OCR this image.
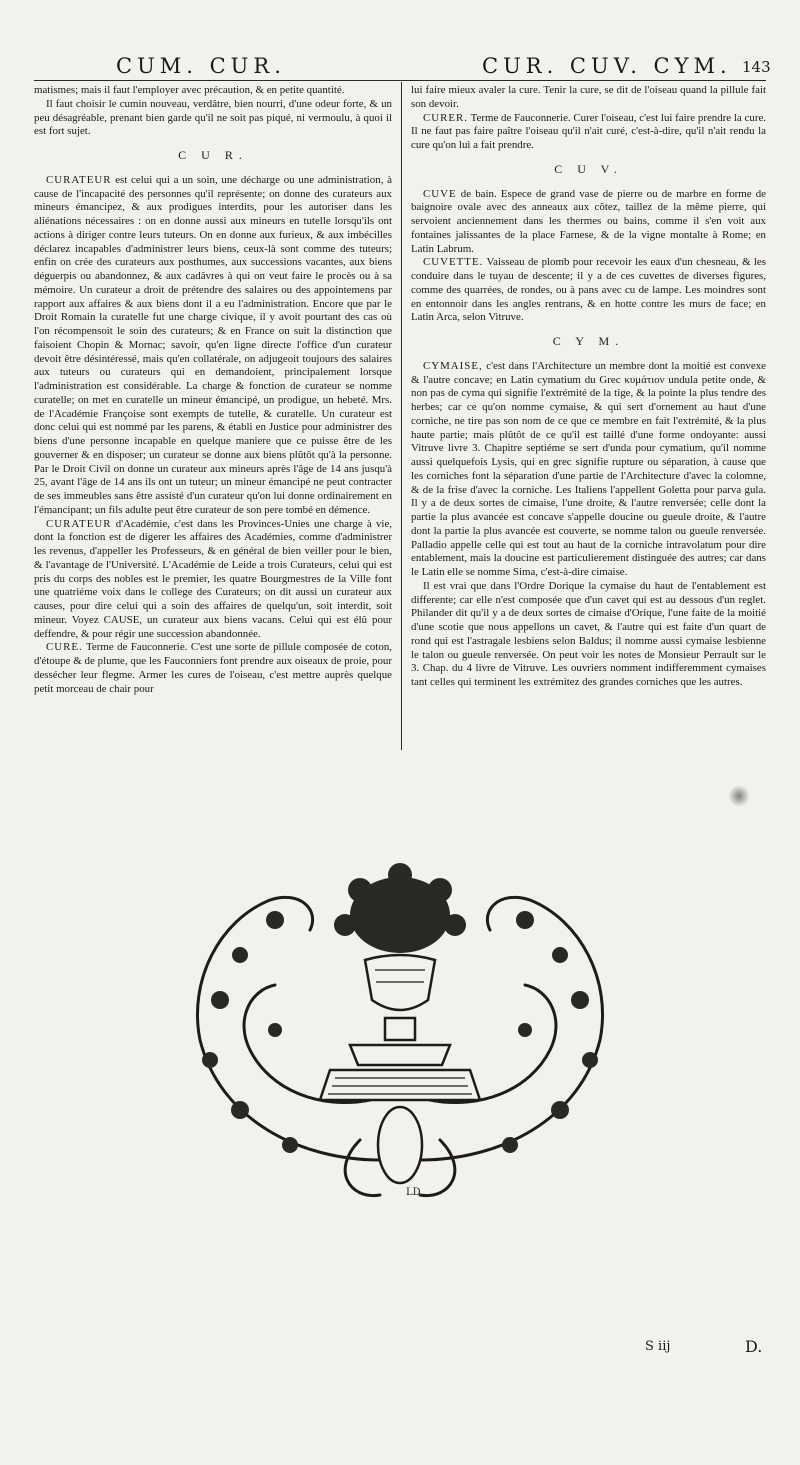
CUM. CUR.	CUR. CUV. CYM. 143

matismes; mais il faut l'employer avec précaution, & en petite quantité.

Il faut choisir le cumin nouveau, verdâtre, bien nourri, d'une odeur forte, & un peu désagréable, prenant bien garde qu'il ne soit pas piqué, ni vermoulu, à quoi il est fort sujet.

C U R.

CURATEUR est celui qui a un soin, une décharge ou une administration, à cause de l'incapacité des personnes qu'il représente; on donne des curateurs aux mineurs émancipez, & aux prodigues interdits, pour les autoriser dans les aliénations nécessaires : on en donne aussi aux mineurs en tutelle lorsqu'ils ont actions à diriger contre leurs tuteurs. On en donne aux furieux, & aux imbécilles déclarez incapables d'administrer leurs biens, ceux-là sont comme des tuteurs; enfin on crée des curateurs aux posthumes, aux successions vacantes, aux biens déguerpis ou abandonnez, & aux cadâvres à qui on veut faire le procès ou à sa mémoire. Un curateur a droit de prétendre des salaires ou des appointemens par rapport aux affaires & aux biens dont il a eu l'administration. Encore que par le Droit Romain la curatelle fut une charge civique, il y avoit pourtant des cas où l'on récompensoit le soin des curateurs; & en France on suit la distinction que faisoient Chopin & Mornac; savoir, qu'en ligne directe l'office d'un curateur devoit être désintéressé, mais qu'en collatérale, on adjugeoit toujours des salaires aux tuteurs ou curateurs qui en demandoient, principalement lorsque l'administration est considérable. La charge & fonction de curateur se nomme curatelle; on met en curatelle un mineur émancipé, un prodigue, un hebeté. Mrs. de l'Académie Françoise sont exempts de tutelle, & curatelle. Un curateur est donc celui qui est nommé par les parens, & établi en Justice pour administrer des biens d'une personne incapable en quelque maniere que ce puisse être de les gouverner & en disposer; un curateur se donne aux biens plûtôt qu'à la personne. Par le Droit Civil on donne un curateur aux mineurs après l'âge de 14 ans jusqu'à 25, avant l'âge de 14 ans ils ont un tuteur; un mineur émancipé ne peut contracter de ses immeubles sans être assisté d'un curateur qu'on lui donne ordinairement en l'émancipant; un fils adulte peut être curateur de son pere tombé en démence.

CURATEUR d'Académie, c'est dans les Provinces-Unies une charge à vie, dont la fonction est de digerer les affaires des Académies, comme d'administrer les revenus, d'appeller les Professeurs, & en général de bien veiller pour le bien, & l'avantage de l'Université. L'Académie de Leide a trois Curateurs, celui qui est pris du corps des nobles est le premier, les quatre Bourgmestres de la Ville font une quatriéme voix dans le college des Curateurs; on dit aussi un curateur aux causes, pour dire celui qui a soin des affaires de quelqu'un, soit interdit, soit mineur. Voyez CAUSE, un curateur aux biens vacans. Celui qui est élû pour deffendre, & pour régir une succession abandonnée.

CURE. Terme de Fauconnerie. C'est une sorte de pillule composée de coton, d'étoupe & de plume, que les Fauconniers font prendre aux oiseaux de proie, pour dessécher leur flegme. Armer les cures de l'oiseau, c'est mettre auprès quelque petit morceau de chair pour

lui faire mieux avaler la cure. Tenir la cure, se dit de l'oiseau quand la pillule fait son devoir.

CURER. Terme de Fauconnerie. Curer l'oiseau, c'est lui faire prendre la cure. Il ne faut pas faire paître l'oiseau qu'il n'ait curé, c'est-à-dire, qu'il n'ait rendu la cure qu'on lui a fait prendre.

C U V.

CUVE de bain. Espece de grand vase de pierre ou de marbre en forme de baignoire ovale avec des anneaux aux côtez, taillez de la même pierre, qui servoient anciennement dans les thermes ou bains, comme il s'en voit aux fontaines jalissantes de la place Farnese, & de la vigne montalte à Rome; en Latin Labrum.

CUVETTE. Vaisseau de plomb pour recevoir les eaux d'un chesneau, & les conduire dans le tuyau de descente; il y a de ces cuvettes de diverses figures, comme des quarrées, de rondes, ou à pans avec cu de lampe. Les moindres sont en entonnoir dans les angles rentrans, & en hotte contre les murs de face; en Latin Arca, selon Vitruve.

C Y M.

CYMAISE, c'est dans l'Architecture un membre dont la moitié est convexe & l'autre concave; en Latin cymatium du Grec κυμάτιον undula petite onde, & non pas de cyma qui signifie l'extrémité de la tige, & la pointe la plus tendre des herbes; car ce qu'on nomme cymaise, & qui sert d'ornement au haut d'une corniche, ne tire pas son nom de ce que ce membre en fait l'extrémité, & la plus haute partie; mais plûtôt de ce qu'il est taillé d'une forme ondoyante: aussi Vitruve livre 3. Chapitre septiéme se sert d'unda pour cymatium, qu'il nomme aussi quelquefois Lysis, qui en grec signifie rupture ou séparation, à cause que les corniches font la séparation d'une partie de l'Architecture d'avec la colomne, & de la frise d'avec la corniche. Les Italiens l'appellent Goletta pour parva gula. Il y a de deux sortes de cimaise, l'une droite, & l'autre renversée; celle dont la partie la plus avancée est concave s'appelle doucine ou gueule droite, & l'autre dont la partie la plus avancée est couverte, se nomme talon ou gueule renversée. Palladio appelle celle qui est tout au haut de la corniche intravolatum pour dire entablement, mais la doucine est particulierement distinguée des autres; car dans le Latin elle se nomme Sima, c'est-à-dire cimaise.

Il est vrai que dans l'Ordre Dorique la cymaise du haut de l'entablement est differente; car elle n'est composée que d'un cavet qui est au dessous d'un reglet. Philander dit qu'il y a de deux sortes de cimaise d'Orique, l'une faite de la moitié d'une scotie que nous appellons un cavet, & l'autre qui est faite d'un quart de rond qui est l'astragale lesbiens selon Baldus; il nomme aussi cymaise lesbienne le talon ou gueule renversée. On peut voir les notes de Monsieur Perrault sur le 3. Chap. du 4 livre de Vitruve. Les ouvriers nomment indifferemment cymaises tant celles qui terminent les extrémitez des grandes corniches que les autres.

LD
S iij	D.
